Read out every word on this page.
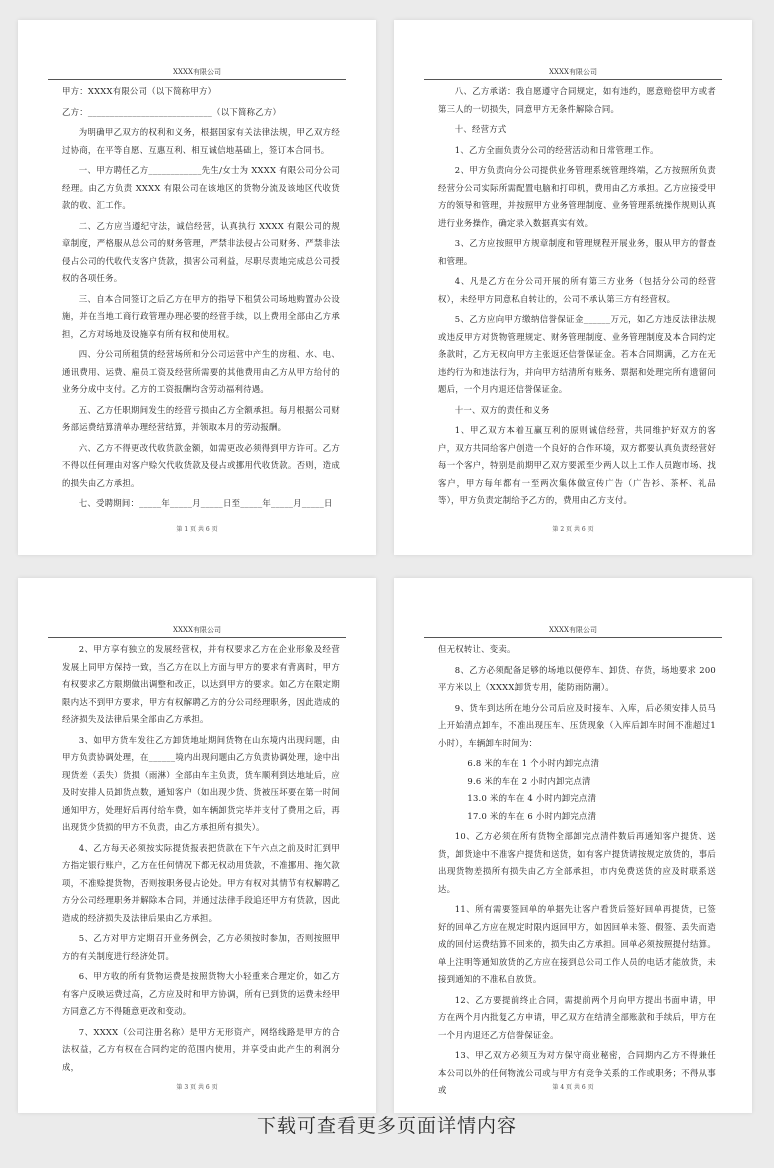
XXXX有限公司

甲方：XXXX有限公司（以下简称甲方）

乙方：____________________________（以下简称乙方）

为明确甲乙双方的权利和义务，根据国家有关法律法规，甲乙双方经过协商，在平等自愿、互惠互利、相互诚信地基础上，签订本合同书。

一、甲方聘任乙方____________先生/女士为 XXXX 有限公司分公司经理。由乙方负责 XXXX 有限公司在该地区的货物分流及该地区代收货款的收、汇工作。

二、乙方应当遵纪守法，诚信经营，认真执行 XXXX 有限公司的规章制度，严格服从总公司的财务管理，严禁非法侵占公司财务、严禁非法侵占公司的代收代支客户货款，损害公司利益，尽职尽责地完成总公司授权的各项任务。

三、自本合同签订之后乙方在甲方的指导下租赁公司场地购置办公设施，并在当地工商行政管理办理必要的经营手续，以上费用全部由乙方承担，乙方对场地及设施享有所有权和使用权。

四、分公司所租赁的经营场所和分公司运营中产生的房租、水、电、通讯费用、运费、雇员工资及经营所需要的其他费用由乙方从甲方给付的业务分成中支付。乙方的工资报酬均含劳动福利待遇。

五、乙方任职期间发生的经营亏损由乙方全额承担。每月根据公司财务部运费结算清单办理经营结算，并领取本月的劳动报酬。

六、乙方不得更改代收货款金额，如需更改必须得到甲方许可。乙方不得以任何理由对客户赊欠代收货款及侵占或挪用代收货款。否则，造成的损失由乙方承担。

七、受聘期间：_____年_____月_____日至_____年_____月_____日

第 1 页 共 6 页
XXXX有限公司

八、乙方承诺：我自愿遵守合同规定，如有违约，愿意赔偿甲方或者第三人的一切损失，同意甲方无条件解除合同。

十、经营方式

1、乙方全面负责分公司的经营活动和日常管理工作。

2、甲方负责向分公司提供业务管理系统管理终端，乙方按照所负责经营分公司实际所需配置电脑和打印机，费用由乙方承担。乙方应接受甲方的领导和管理，并按照甲方业务管理制度、业务管理系统操作规则认真进行业务操作，确定录入数据真实有效。

3、乙方应按照甲方规章制度和管理规程开展业务，服从甲方的督查和管理。

4、凡是乙方在分公司开展的所有第三方业务（包括分公司的经营权），未经甲方同意私自转让的，公司不承认第三方有经营权。

5、乙方应向甲方缴纳信誉保证金______万元，如乙方违反法律法规或违反甲方对货物管理规定、财务管理制度、业务管理制度及本合同约定条款时，乙方无权向甲方主张返还信誉保证金。若本合同期满，乙方在无违约行为和违法行为，并向甲方结清所有账务、票据和处理完所有遗留问题后，一个月内退还信誉保证金。

十一、双方的责任和义务

1、甲乙双方本着互赢互利的原则诚信经营，共同维护好双方的客户，双方共同给客户创造一个良好的合作环境，双方都要认真负责经营好每一个客户，特别是前期甲乙双方要派至少两人以上工作人员跑市场、找客户，甲方每年都有一至两次集体做宣传广告（广告衫、茶杯、礼品等），甲方负责定制给予乙方的，费用由乙方支付。

第 2 页 共 6 页
XXXX有限公司

2、甲方享有独立的发展经营权，并有权要求乙方在企业形象及经营发展上同甲方保持一致，当乙方在以上方面与甲方的要求有背离时，甲方有权要求乙方限期做出调整和改正，以达到甲方的要求。如乙方在限定期限内达不到甲方要求，甲方有权解聘乙方的分公司经理职务，因此造成的经济损失及法律后果全部由乙方承担。

3、如甲方货车发往乙方卸货地址期间货物在山东境内出现问题，由甲方负责协调处理，在______境内出现问题由乙方负责协调处理，途中出现货差（丢失）货损（雨淋）全部由车主负责，货车顺利到达地址后，应及时安排人员卸货点数，通知客户（如出现少货、货被压坏要在第一时间通知甲方，处理好后再付给车费，如车辆卸货完毕并支付了费用之后，再出现货少货损的甲方不负责，由乙方承担所有损失）。

4、乙方每天必须按实际提货报表把货款在下午六点之前及时汇到甲方指定银行账户，乙方在任何情况下都无权动用货款，不准挪用、拖欠款项，不准赊提货物，否则按职务侵占论处。甲方有权对其情节有权解聘乙方分公司经理职务并解除本合同，并通过法律手段追还甲方有货款，因此造成的经济损失及法律后果由乙方承担。

5、乙方对甲方定期召开业务例会，乙方必须按时参加，否则按照甲方的有关制度进行经济处罚。

6、甲方收的所有货物运费是按照货物大小轻重来合理定价，如乙方有客户反映运费过高，乙方应及时和甲方协调，所有已到货的运费未经甲方同意乙方不得随意更改和变动。

7、XXXX（公司注册名称）是甲方无形资产，网络线路是甲方的合法权益，乙方有权在合同约定的范围内使用，并享受由此产生的利润分成，

第 3 页 共 6 页
XXXX有限公司

但无权转让、变卖。

8、乙方必须配备足够的场地以便停车、卸货、存货，场地要求 200平方米以上（XXXX卸货专用，能防雨防潮）。

9、货车到达所在地分公司后应及时接车、入库，后必须安排人员马上开始清点卸车，不准出现压车、压货现象（入库后卸车时间不准超过1小时），车辆卸车时间为：

6.8 米的车在 1 个小时内卸完点清

9.6 米的车在 2 小时内卸完点清

13.0 米的车在 4 小时内卸完点清

17.0 米的车在 6 小时内卸完点清

10、乙方必须在所有货物全部卸完点清件数后再通知客户提货、送货，卸货途中不准客户提货和送货，如有客户提货请按规定放货的，事后出现货物差损所有损失由乙方全部承担，市内免费送货的应及时联系送达。

11、所有需要签回单的单据先让客户看货后签好回单再提货，已签好的回单乙方应在规定时限内返回甲方，如因回单未签、假签、丢失而造成的回付运费结算不回来的，损失由乙方承担。回单必须按照提付结算。单上注明等通知放货的乙方应在接到总公司工作人员的电话才能放货，未接到通知的不准私自放货。

12、乙方要提前终止合同，需提前两个月向甲方提出书面申请，甲方在两个月内批复乙方申请，甲乙双方在结清全部账款和手续后，甲方在一个月内退还乙方信誉保证金。

13、甲乙双方必须互为对方保守商业秘密，合同期内乙方不得兼任本公司以外的任何物流公司或与甲方有竞争关系的工作或职务；不得从事或	第 4 页 共 6 页
下载可查看更多页面详情内容
